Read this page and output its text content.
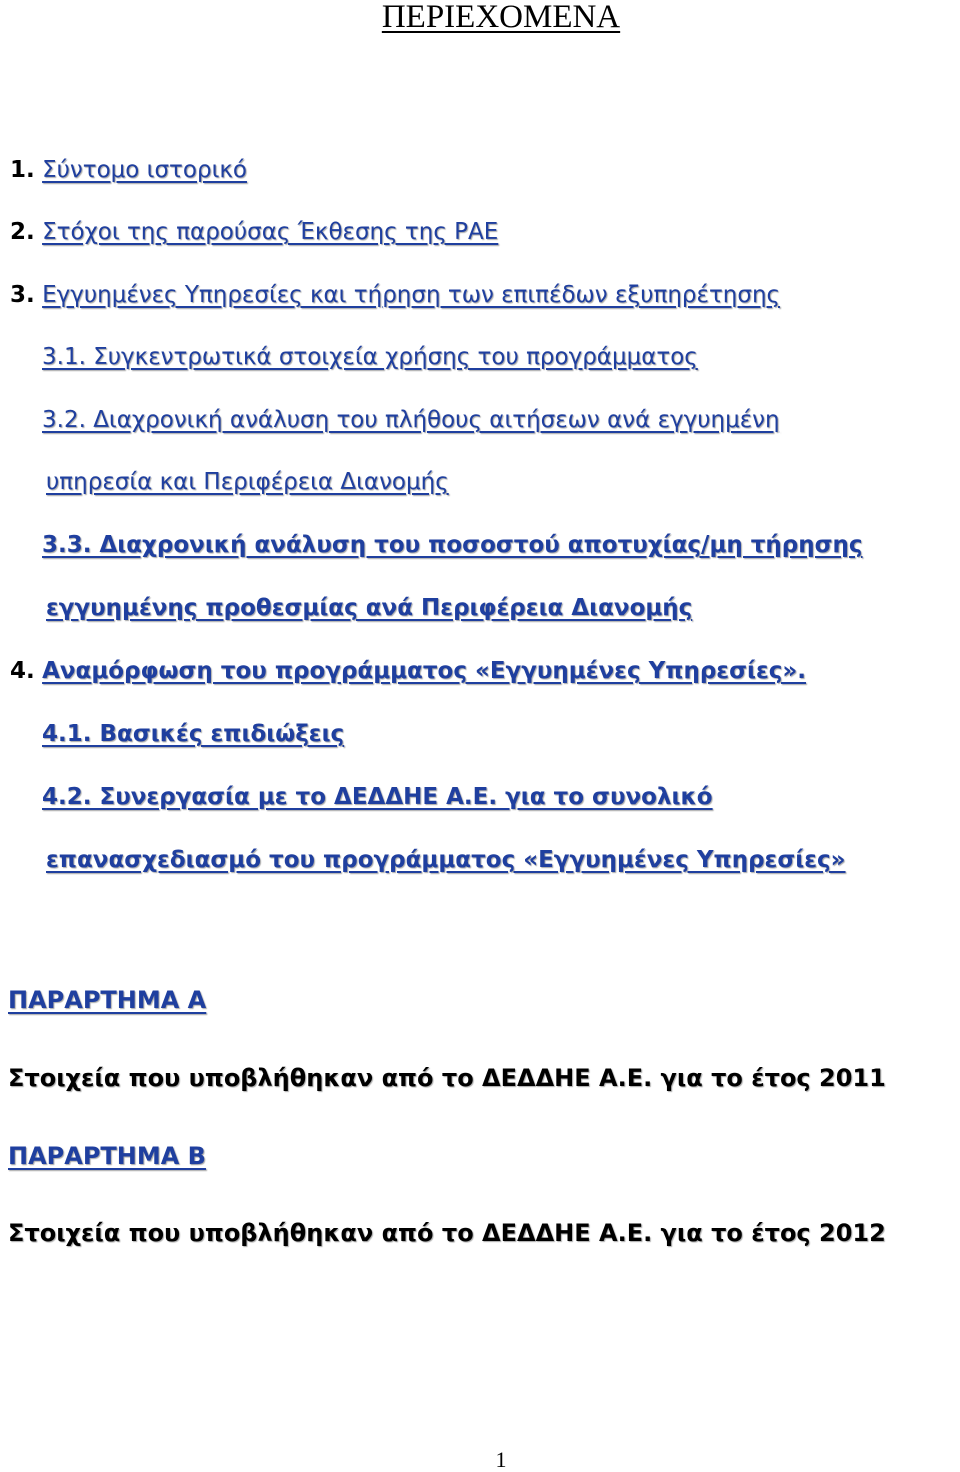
ΠΕΡΙΕΧΟΜΕΝΑ
1. Σύντομο ιστορικό
2. Στόχοι της παρούσας Έκθεσης της ΡΑΕ
3. Εγγυημένες Υπηρεσίες και τήρηση των επιπέδων εξυπηρέτησης
3.1. Συγκεντρωτικά στοιχεία χρήσης του προγράμματος
3.2. Διαχρονική ανάλυση του πλήθους αιτήσεων ανά εγγυημένη
υπηρεσία και Περιφέρεια Διανομής
3.3. Διαχρονική ανάλυση του ποσοστού αποτυχίας/μη τήρησης
εγγυημένης προθεσμίας ανά Περιφέρεια Διανομής
4. Αναμόρφωση του προγράμματος «Εγγυημένες Υπηρεσίες».
4.1. Βασικές επιδιώξεις
4.2. Συνεργασία με το ΔΕΔΔΗΕ Α.Ε. για το συνολικό
επανασχεδιασμό του προγράμματος «Εγγυημένες Υπηρεσίες»
ΠΑΡΑΡΤΗΜΑ Α
Στοιχεία που υποβλήθηκαν από το ΔΕΔΔΗΕ Α.Ε. για το έτος 2011
ΠΑΡΑΡΤΗΜΑ Β
Στοιχεία που υποβλήθηκαν από το ΔΕΔΔΗΕ Α.Ε. για το έτος 2012
1
